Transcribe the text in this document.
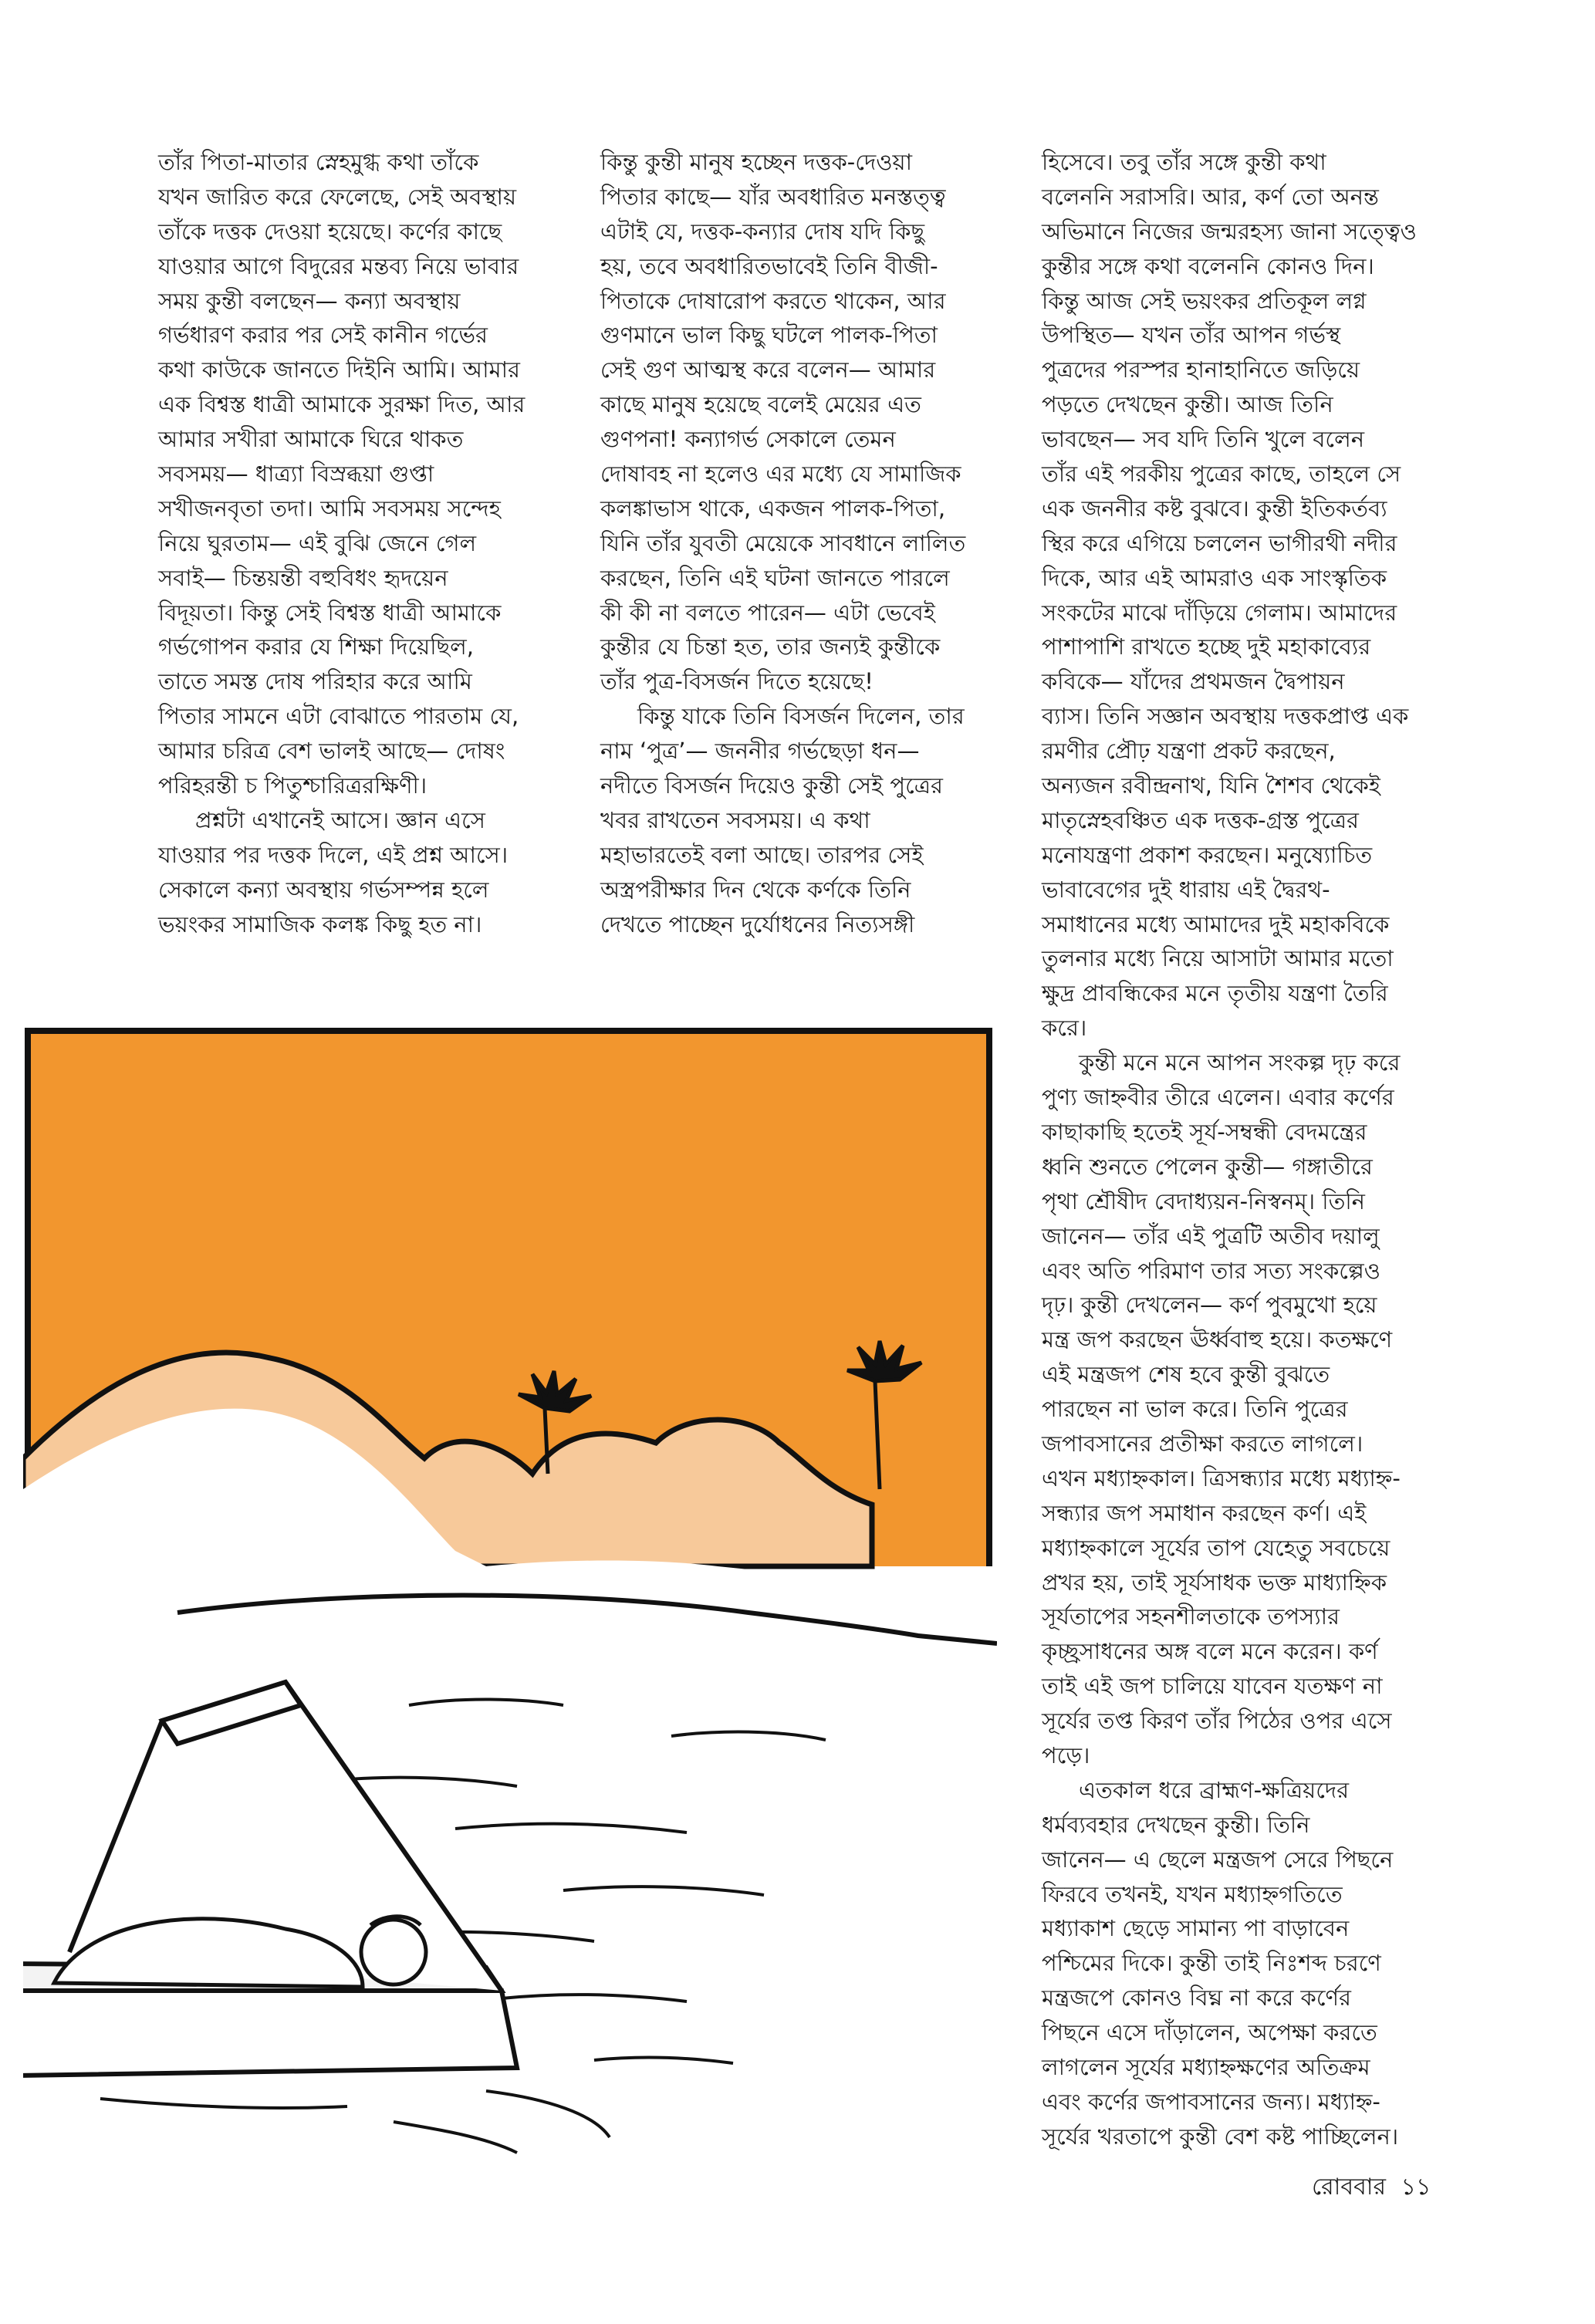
তাঁর পিতা-মাতার স্নেহমুগ্ধ কথা তাঁকে
যখন জারিত করে ফেলেছে, সেই অবস্থায়
তাঁকে দত্তক দেওয়া হয়েছে। কর্ণের কাছে
যাওয়ার আগে বিদুরের মন্তব্য নিয়ে ভাবার
সময় কুন্তী বলছেন— কন্যা অবস্থায়
গর্ভধারণ করার পর সেই কানীন গর্ভের
কথা কাউকে জানতে দিইনি আমি। আমার
এক বিশ্বস্ত ধাত্রী আমাকে সুরক্ষা দিত, আর
আমার সখীরা আমাকে ঘিরে থাকত
সবসময়— ধাত্র্যা বিস্রব্ধয়া গুপ্তা
সখীজনবৃতা তদা। আমি সবসময় সন্দেহ
নিয়ে ঘুরতাম— এই বুঝি জেনে গেল
সবাই— চিন্তয়ন্তী বহুবিধং হৃদয়েন
বিদূয়তা। কিন্তু সেই বিশ্বস্ত ধাত্রী আমাকে
গর্ভগোপন করার যে শিক্ষা দিয়েছিল,
তাতে সমস্ত দোষ পরিহার করে আমি
পিতার সামনে এটা বোঝাতে পারতাম যে,
আমার চরিত্র বেশ ভালই আছে— দোষং
পরিহরন্তী চ পিতুশ্চারিত্ররক্ষিণী।
প্রশ্নটা এখানেই আসে। জ্ঞান এসে
যাওয়ার পর দত্তক দিলে, এই প্রশ্ন আসে।
সেকালে কন্যা অবস্থায় গর্ভসম্পন্ন হলে
ভয়ংকর সামাজিক কলঙ্ক কিছু হত না।
কিন্তু কুন্তী মানুষ হচ্ছেন দত্তক-দেওয়া
পিতার কাছে— যাঁর অবধারিত মনস্তত্ত্ব
এটাই যে, দত্তক-কন্যার দোষ যদি কিছু
হয়, তবে অবধারিতভাবেই তিনি বীজী-
পিতাকে দোষারোপ করতে থাকেন, আর
গুণমানে ভাল কিছু ঘটলে পালক-পিতা
সেই গুণ আত্মস্থ করে বলেন— আমার
কাছে মানুষ হয়েছে বলেই মেয়ের এত
গুণপনা! কন্যাগর্ভ সেকালে তেমন
দোষাবহ না হলেও এর মধ্যে যে সামাজিক
কলঙ্কাভাস থাকে, একজন পালক-পিতা,
যিনি তাঁর যুবতী মেয়েকে সাবধানে লালিত
করছেন, তিনি এই ঘটনা জানতে পারলে
কী কী না বলতে পারেন— এটা ভেবেই
কুন্তীর যে চিন্তা হত, তার জন্যই কুন্তীকে
তাঁর পুত্র-বিসর্জন দিতে হয়েছে!
কিন্তু যাকে তিনি বিসর্জন দিলেন, তার
নাম ‘পুত্র’— জননীর গর্ভছেড়া ধন—
নদীতে বিসর্জন দিয়েও কুন্তী সেই পুত্রের
খবর রাখতেন সবসময়। এ কথা
মহাভারতেই বলা আছে। তারপর সেই
অস্ত্রপরীক্ষার দিন থেকে কর্ণকে তিনি
দেখতে পাচ্ছেন দুর্যোধনের নিত্যসঙ্গী
হিসেবে। তবু তাঁর সঙ্গে কুন্তী কথা
বলেননি সরাসরি। আর, কর্ণ তো অনন্ত
অভিমানে নিজের জন্মরহস্য জানা সত্ত্বেও
কুন্তীর সঙ্গে কথা বলেননি কোনও দিন।
কিন্তু আজ সেই ভয়ংকর প্রতিকূল লগ্ন
উপস্থিত— যখন তাঁর আপন গর্ভস্থ
পুত্রদের পরস্পর হানাহানিতে জড়িয়ে
পড়তে দেখছেন কুন্তী। আজ তিনি
ভাবছেন— সব যদি তিনি খুলে বলেন
তাঁর এই পরকীয় পুত্রের কাছে, তাহলে সে
এক জননীর কষ্ট বুঝবে। কুন্তী ইতিকর্তব্য
স্থির করে এগিয়ে চললেন ভাগীরথী নদীর
দিকে, আর এই আমরাও এক সাংস্কৃতিক
সংকটের মাঝে দাঁড়িয়ে গেলাম। আমাদের
পাশাপাশি রাখতে হচ্ছে দুই মহাকাব্যের
কবিকে— যাঁদের প্রথমজন দ্বৈপায়ন
ব্যাস। তিনি সজ্ঞান অবস্থায় দত্তকপ্রাপ্ত এক
রমণীর প্রৌঢ় যন্ত্রণা প্রকট করছেন,
অন্যজন রবীন্দ্রনাথ, যিনি শৈশব থেকেই
মাতৃস্নেহবঞ্চিত এক দত্তক-গ্রস্ত পুত্রের
মনোযন্ত্রণা প্রকাশ করছেন। মনুষ্যোচিত
ভাবাবেগের দুই ধারায় এই দ্বৈরথ-
সমাধানের মধ্যে আমাদের দুই মহাকবিকে
তুলনার মধ্যে নিয়ে আসাটা আমার মতো
ক্ষুদ্র প্রাবন্ধিকের মনে তৃতীয় যন্ত্রণা তৈরি
করে।
কুন্তী মনে মনে আপন সংকল্প দৃঢ় করে
পুণ্য জাহ্নবীর তীরে এলেন। এবার কর্ণের
কাছাকাছি হতেই সূর্য-সম্বন্ধী বেদমন্ত্রের
ধ্বনি শুনতে পেলেন কুন্তী— গঙ্গাতীরে
পৃথা শ্রৌষীদ বেদাধ্যয়ন-নিস্বনম্। তিনি
জানেন— তাঁর এই পুত্রটি অতীব দয়ালু
এবং অতি পরিমাণ তার সত্য সংকল্পেও
দৃঢ়। কুন্তী দেখলেন— কর্ণ পুবমুখো হয়ে
মন্ত্র জপ করছেন ঊর্ধ্ববাহু হয়ে। কতক্ষণে
এই মন্ত্রজপ শেষ হবে কুন্তী বুঝতে
পারছেন না ভাল করে। তিনি পুত্রের
জপাবসানের প্রতীক্ষা করতে লাগলে।
এখন মধ্যাহ্নকাল। ত্রিসন্ধ্যার মধ্যে মধ্যাহ্ন-
সন্ধ্যার জপ সমাধান করছেন কর্ণ। এই
মধ্যাহ্নকালে সূর্যের তাপ যেহেতু সবচেয়ে
প্রখর হয়, তাই সূর্যসাধক ভক্ত মাধ্যাহ্নিক
সূর্যতাপের সহনশীলতাকে তপস্যার
কৃচ্ছ্রসাধনের অঙ্গ বলে মনে করেন। কর্ণ
তাই এই জপ চালিয়ে যাবেন যতক্ষণ না
সূর্যের তপ্ত কিরণ তাঁর পিঠের ওপর এসে
পড়ে।
এতকাল ধরে ব্রাহ্মণ-ক্ষত্রিয়দের
ধর্মব্যবহার দেখছেন কুন্তী। তিনি
জানেন— এ ছেলে মন্ত্রজপ সেরে পিছনে
ফিরবে তখনই, যখন মধ্যাহ্নগতিতে
মধ্যাকাশ ছেড়ে সামান্য পা বাড়াবেন
পশ্চিমের দিকে। কুন্তী তাই নিঃশব্দ চরণে
মন্ত্রজপে কোনও বিঘ্ন না করে কর্ণের
পিছনে এসে দাঁড়ালেন, অপেক্ষা করতে
লাগলেন সূর্যের মধ্যাহ্নক্ষণের অতিক্রম
এবং কর্ণের জপাবসানের জন্য। মধ্যাহ্ন-
সূর্যের খরতাপে কুন্তী বেশ কষ্ট পাচ্ছিলেন।
রোববার ১১
